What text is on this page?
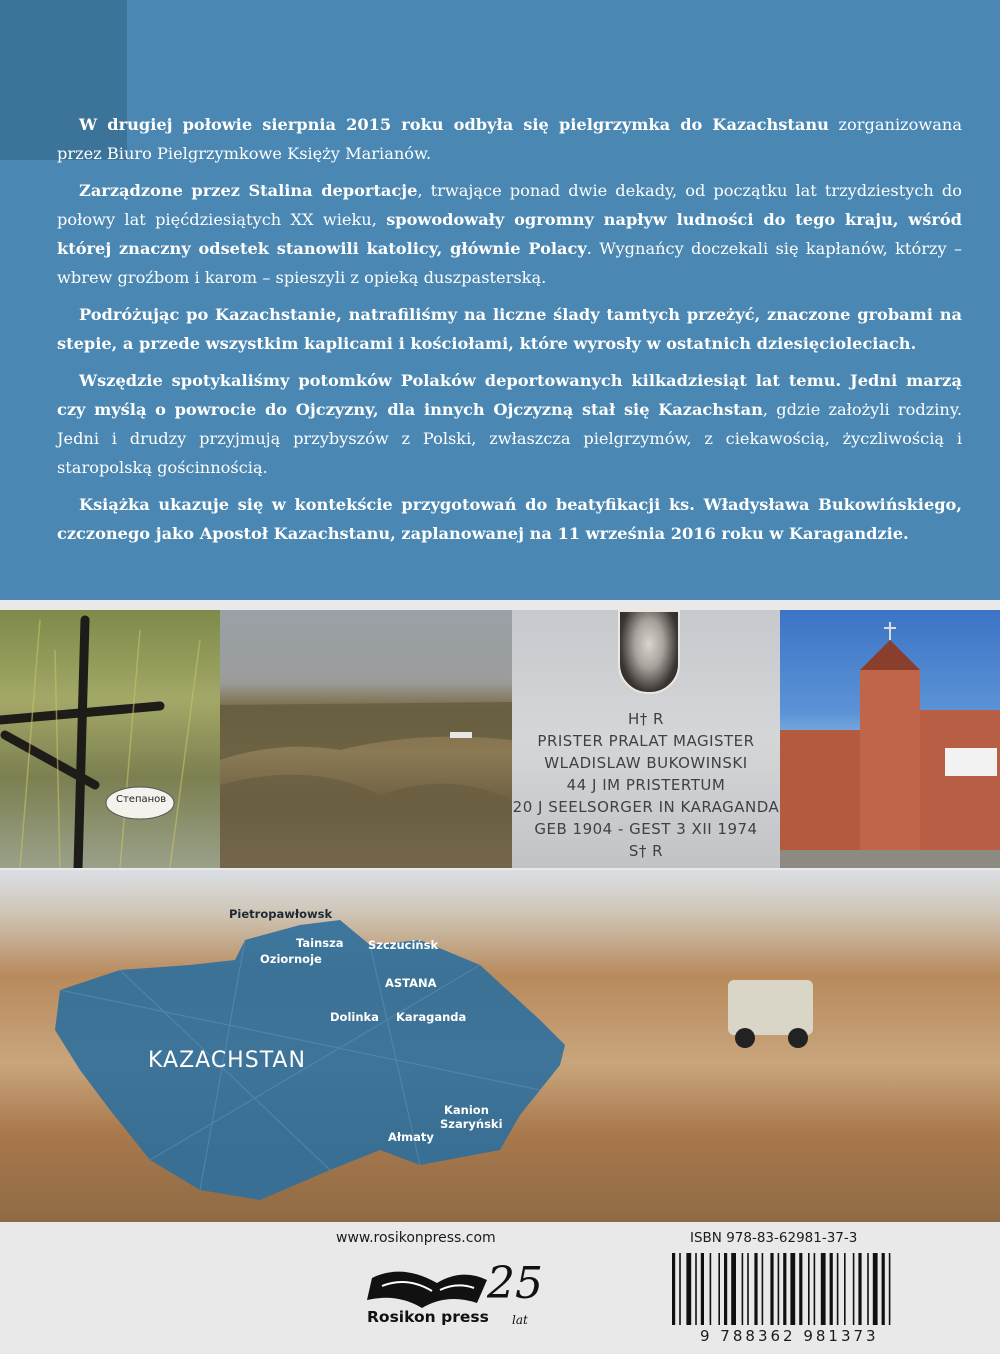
W drugiej połowie sierpnia 2015 roku odbyła się pielgrzymka do Kazachstanu zorganizowana przez Biuro Pielgrzymkowe Księży Marianów.

Zarządzone przez Stalina deportacje, trwające ponad dwie dekady, od początku lat trzydziestych do połowy lat pięćdziesiątych XX wieku, spowodowały ogromny napływ ludności do tego kraju, wśród której znaczny odsetek stanowili katolicy, głównie Polacy. Wygnańcy doczekali się kapłanów, którzy – wbrew groźbom i karom – spieszyli z opieką duszpasterską.

Podróżując po Kazachstanie, natrafiliśmy na liczne ślady tamtych przeżyć, znaczone grobami na stepie, a przede wszystkim kaplicami i kościołami, które wyrosły w ostatnich dziesięcioleciach.

Wszędzie spotykaliśmy potomków Polaków deportowanych kilkadziesiąt lat temu. Jedni marzą czy myślą o powrocie do Ojczyzny, dla innych Ojczyzną stał się Kazachstan, gdzie założyli rodziny. Jedni i drudzy przyjmują przybyszów z Polski, zwłaszcza pielgrzymów, z ciekawością, życzliwością i staropolską gościnnością.

Książka ukazuje się w kontekście przygotowań do beatyfikacji ks. Władysława Bukowińskiego, czczonego jako Apostoł Kazachstanu, zaplanowanej na 11 września 2016 roku w Karagandzie.

Степанов
H† R
PRISTER PRALAT MAGISTER
WLADISLAW BUKOWINSKI
44 J IM PRISTERTUM
20 J SEELSORGER IN KARAGANDA
GEB 1904 - GEST 3 XII 1974
S† R
Pietropawłowsk
Tainsza Szczucińsk
Oziornoje
ASTANA
Dolinka Karaganda
Kanion
Szaryński
Ałmaty
KAZACHSTAN
www.rosikonpress.com	ISBN 978-83-62981-37-3
9 788362 981373
Rosikon press
25
lat
